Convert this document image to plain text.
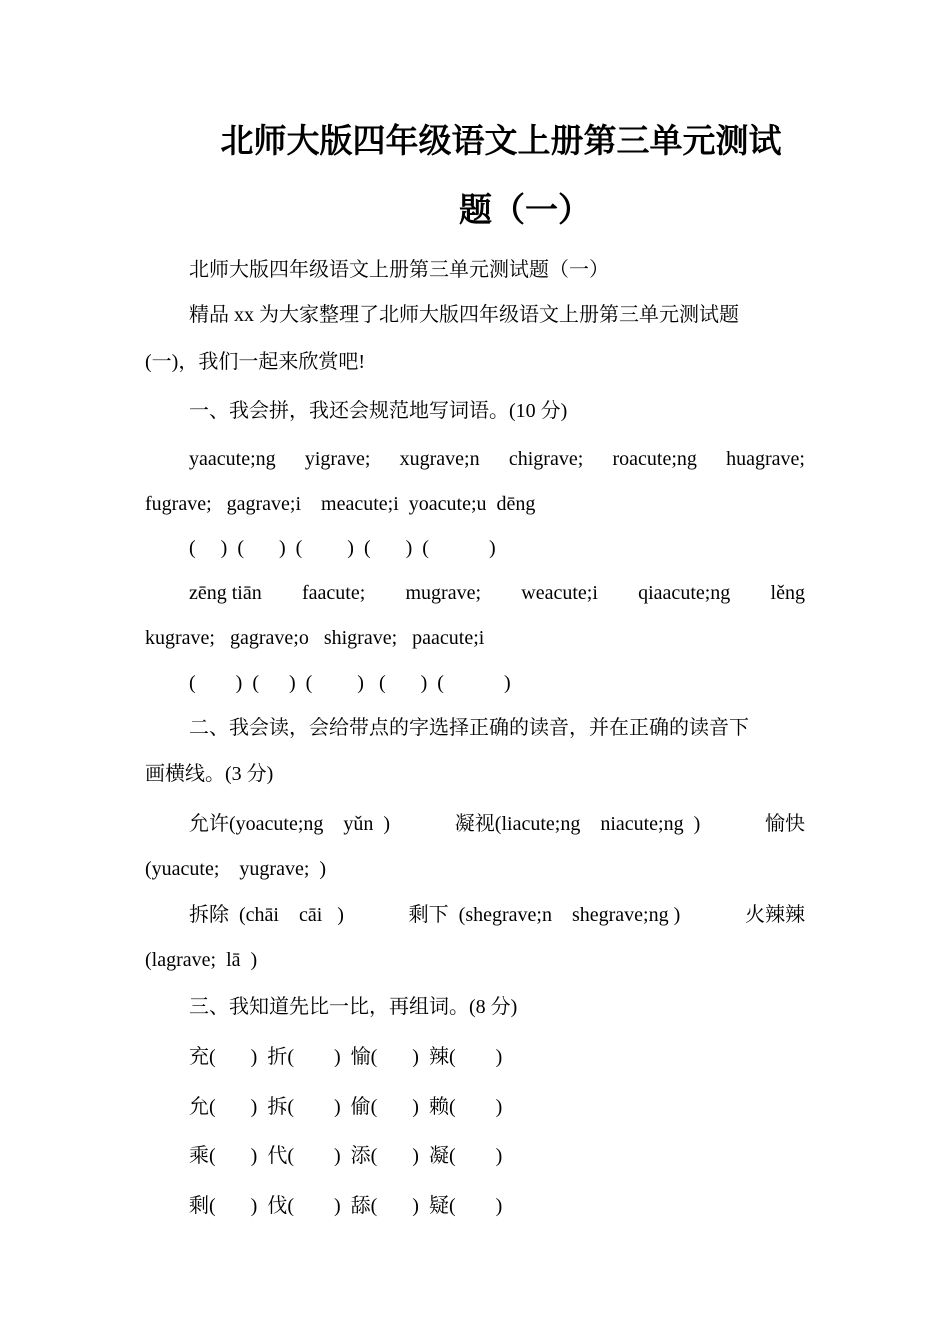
北师大版四年级语文上册第三单元测试
题（一）
北师大版四年级语文上册第三单元测试题（一）
精品 xx 为大家整理了北师大版四年级语文上册第三单元测试题
(一)，我们一起来欣赏吧!
一、我会拼，我还会规范地写词语。(10 分)
yaacute;ng yigrave; xugrave;n chigrave; roacute;ng huagrave;
fugrave;   gagrave;i    meacute;i  yoacute;u  dēng
(     )  (       )  (         )  (       )  (            )
zēng tiān faacute; mugrave; weacute;i qiaacute;ng lěng
kugrave;   gagrave;o   shigrave;   paacute;i
(        )  (      )  (         )   (       )  (            )
二、我会读，会给带点的字选择正确的读音，并在正确的读音下
画横线。(3 分)
允许(yoacute;ng    yǔn  )	凝视(liacute;ng    niacute;ng  )	愉快
(yuacute;    yugrave;  )
拆除  (chāi    cāi   )	剩下  (shegrave;n    shegrave;ng )	火辣辣
(lagrave;  lā  )
三、我知道先比一比，再组词。(8 分)
充(       )  折(        )  愉(       )  辣(        )
允(       )  拆(        )  偷(       )  赖(        )
乘(       )  代(        )  添(       )  凝(        )
剩(       )  伐(        )  舔(       )  疑(        )
